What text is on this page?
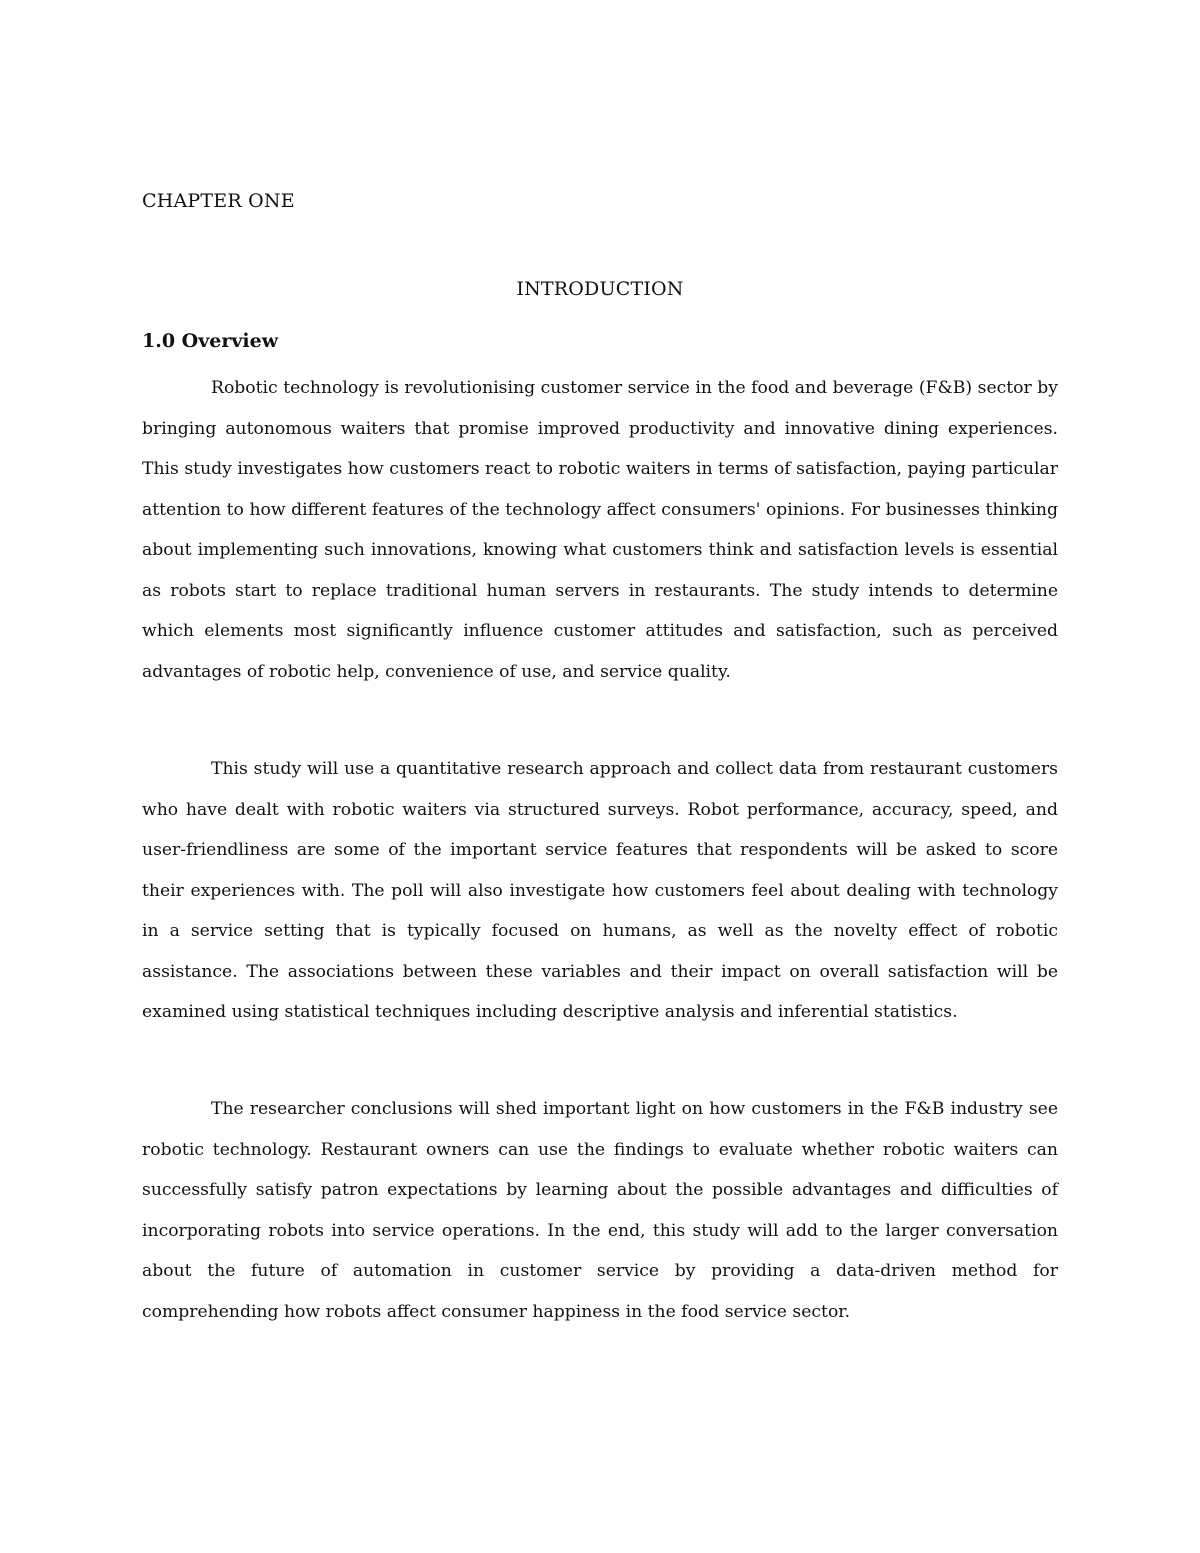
CHAPTER ONE
INTRODUCTION
1.0 Overview

Robotic technology is revolutionising customer service in the food and beverage (F&B) sector by bringing autonomous waiters that promise improved productivity and innovative dining experiences. This study investigates how customers react to robotic waiters in terms of satisfaction, paying particular attention to how different features of the technology affect consumers' opinions. For businesses thinking about implementing such innovations, knowing what customers think and satisfaction levels is essential as robots start to replace traditional human servers in restaurants. The study intends to determine which elements most significantly influence customer attitudes and satisfaction, such as perceived advantages of robotic help, convenience of use, and service quality.

This study will use a quantitative research approach and collect data from restaurant customers who have dealt with robotic waiters via structured surveys. Robot performance, accuracy, speed, and user-friendliness are some of the important service features that respondents will be asked to score their experiences with. The poll will also investigate how customers feel about dealing with technology in a service setting that is typically focused on humans, as well as the novelty effect of robotic assistance. The associations between these variables and their impact on overall satisfaction will be examined using statistical techniques including descriptive analysis and inferential statistics.

The researcher conclusions will shed important light on how customers in the F&B industry see robotic technology. Restaurant owners can use the findings to evaluate whether robotic waiters can successfully satisfy patron expectations by learning about the possible advantages and difficulties of incorporating robots into service operations. In the end, this study will add to the larger conversation about the future of automation in customer service by providing a data-driven method for comprehending how robots affect consumer happiness in the food service sector.
